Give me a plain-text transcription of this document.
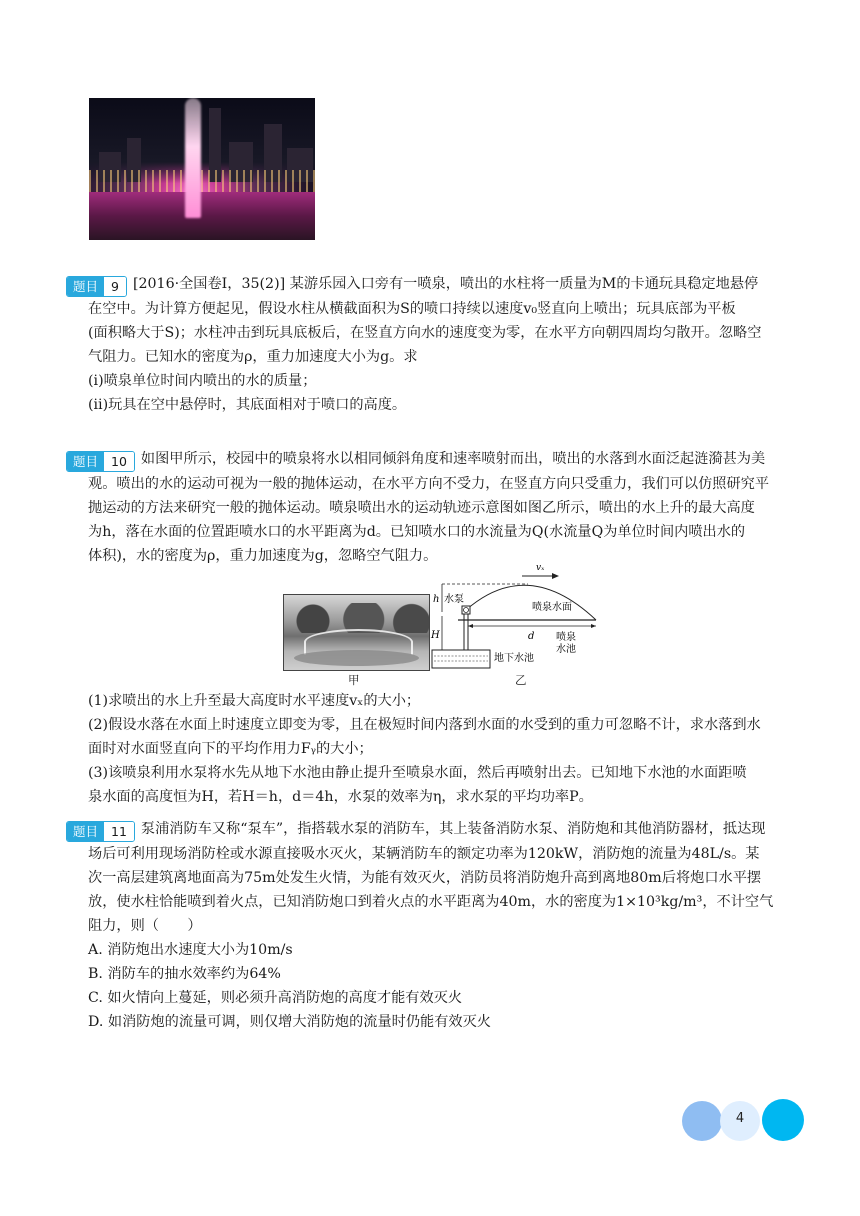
题目	9 [2016·全国卷Ⅰ，35(2)] 某游乐园入口旁有一喷泉，喷出的水柱将一质量为M的卡通玩具稳定地悬停

在空中。为计算方便起见，假设水柱从横截面积为S的喷口持续以速度v₀竖直向上喷出；玩具底部为平板

(面积略大于S)；水柱冲击到玩具底板后，在竖直方向水的速度变为零，在水平方向朝四周均匀散开。忽略空

气阻力。已知水的密度为ρ，重力加速度大小为g。求

(ⅰ)喷泉单位时间内喷出的水的质量；

(ⅱ)玩具在空中悬停时，其底面相对于喷口的高度。

题目	10 如图甲所示，校园中的喷泉将水以相同倾斜角度和速率喷射而出，喷出的水落到水面泛起涟漪甚为美

观。喷出的水的运动可视为一般的抛体运动，在水平方向不受力，在竖直方向只受重力，我们可以仿照研究平

抛运动的方法来研究一般的抛体运动。喷泉喷出水的运动轨迹示意图如图乙所示，喷出的水上升的最大高度

为h，落在水面的位置距喷水口的水平距离为d。已知喷水口的水流量为Q(水流量Q为单位时间内喷出水的

体积)，水的密度为ρ，重力加速度为g，忽略空气阻力。

甲
vₓ
h 水泵
喷泉水面
H	d 喷泉
水池
地下水池
乙

(1)求喷出的水上升至最大高度时水平速度vₓ的大小；

(2)假设水落在水面上时速度立即变为零，且在极短时间内落到水面的水受到的重力可忽略不计，求水落到水

面时对水面竖直向下的平均作用力Fᵧ的大小；

(3)该喷泉利用水泵将水先从地下水池由静止提升至喷泉水面，然后再喷射出去。已知地下水池的水面距喷

泉水面的高度恒为H，若H＝h，d＝4h，水泵的效率为η，求水泵的平均功率P。

题目	11 泵浦消防车又称“泵车”，指搭载水泵的消防车，其上装备消防水泵、消防炮和其他消防器材，抵达现

场后可利用现场消防栓或水源直接吸水灭火，某辆消防车的额定功率为120kW，消防炮的流量为48L/s。某

次一高层建筑离地面高为75m处发生火情，为能有效灭火，消防员将消防炮升高到离地80m后将炮口水平摆

放，使水柱恰能喷到着火点，已知消防炮口到着火点的水平距离为40m，水的密度为1×10³kg/m³，不计空气

阻力，则（　　）

A. 消防炮出水速度大小为10m/s

B. 消防车的抽水效率约为64%

C. 如火情向上蔓延，则必须升高消防炮的高度才能有效灭火

D. 如消防炮的流量可调，则仅增大消防炮的流量时仍能有效灭火

4
